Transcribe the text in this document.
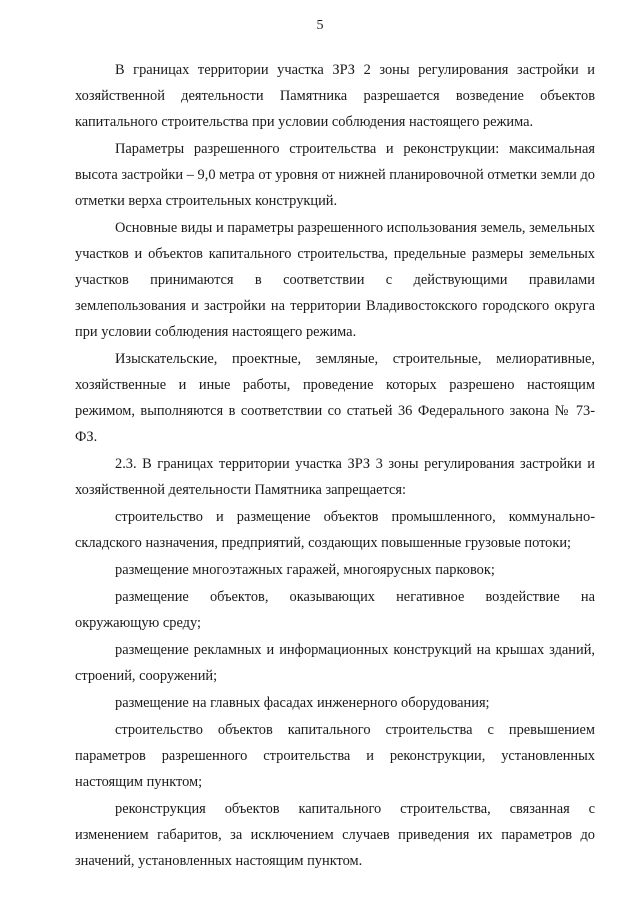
5

В границах территории участка ЗРЗ 2 зоны регулирования застройки и хозяйственной деятельности Памятника разрешается возведение объектов капитального строительства при условии соблюдения настоящего режима.

Параметры разрешенного строительства и реконструкции: максимальная высота застройки – 9,0 метра от уровня от нижней планировочной отметки земли до отметки верха строительных конструкций.

Основные виды и параметры разрешенного использования земель, земельных участков и объектов капитального строительства, предельные размеры земельных участков принимаются в соответствии с действующими правилами землепользования и застройки на территории Владивостокского городского округа при условии соблюдения настоящего режима.

Изыскательские, проектные, земляные, строительные, мелиоративные, хозяйственные и иные работы, проведение которых разрешено настоящим режимом, выполняются в соответствии со статьей 36 Федерального закона № 73-ФЗ.

2.3. В границах территории участка ЗРЗ 3 зоны регулирования застройки и хозяйственной деятельности Памятника запрещается:

строительство и размещение объектов промышленного, коммунально-складского назначения, предприятий, создающих повышенные грузовые потоки;

размещение многоэтажных гаражей, многоярусных парковок;

размещение объектов, оказывающих негативное воздействие на окружающую среду;

размещение рекламных и информационных конструкций на крышах зданий, строений, сооружений;

размещение на главных фасадах инженерного оборудования;

строительство объектов капитального строительства с превышением параметров разрешенного строительства и реконструкции, установленных настоящим пунктом;

реконструкция объектов капитального строительства, связанная с изменением габаритов, за исключением случаев приведения их параметров до значений, установленных настоящим пунктом.
